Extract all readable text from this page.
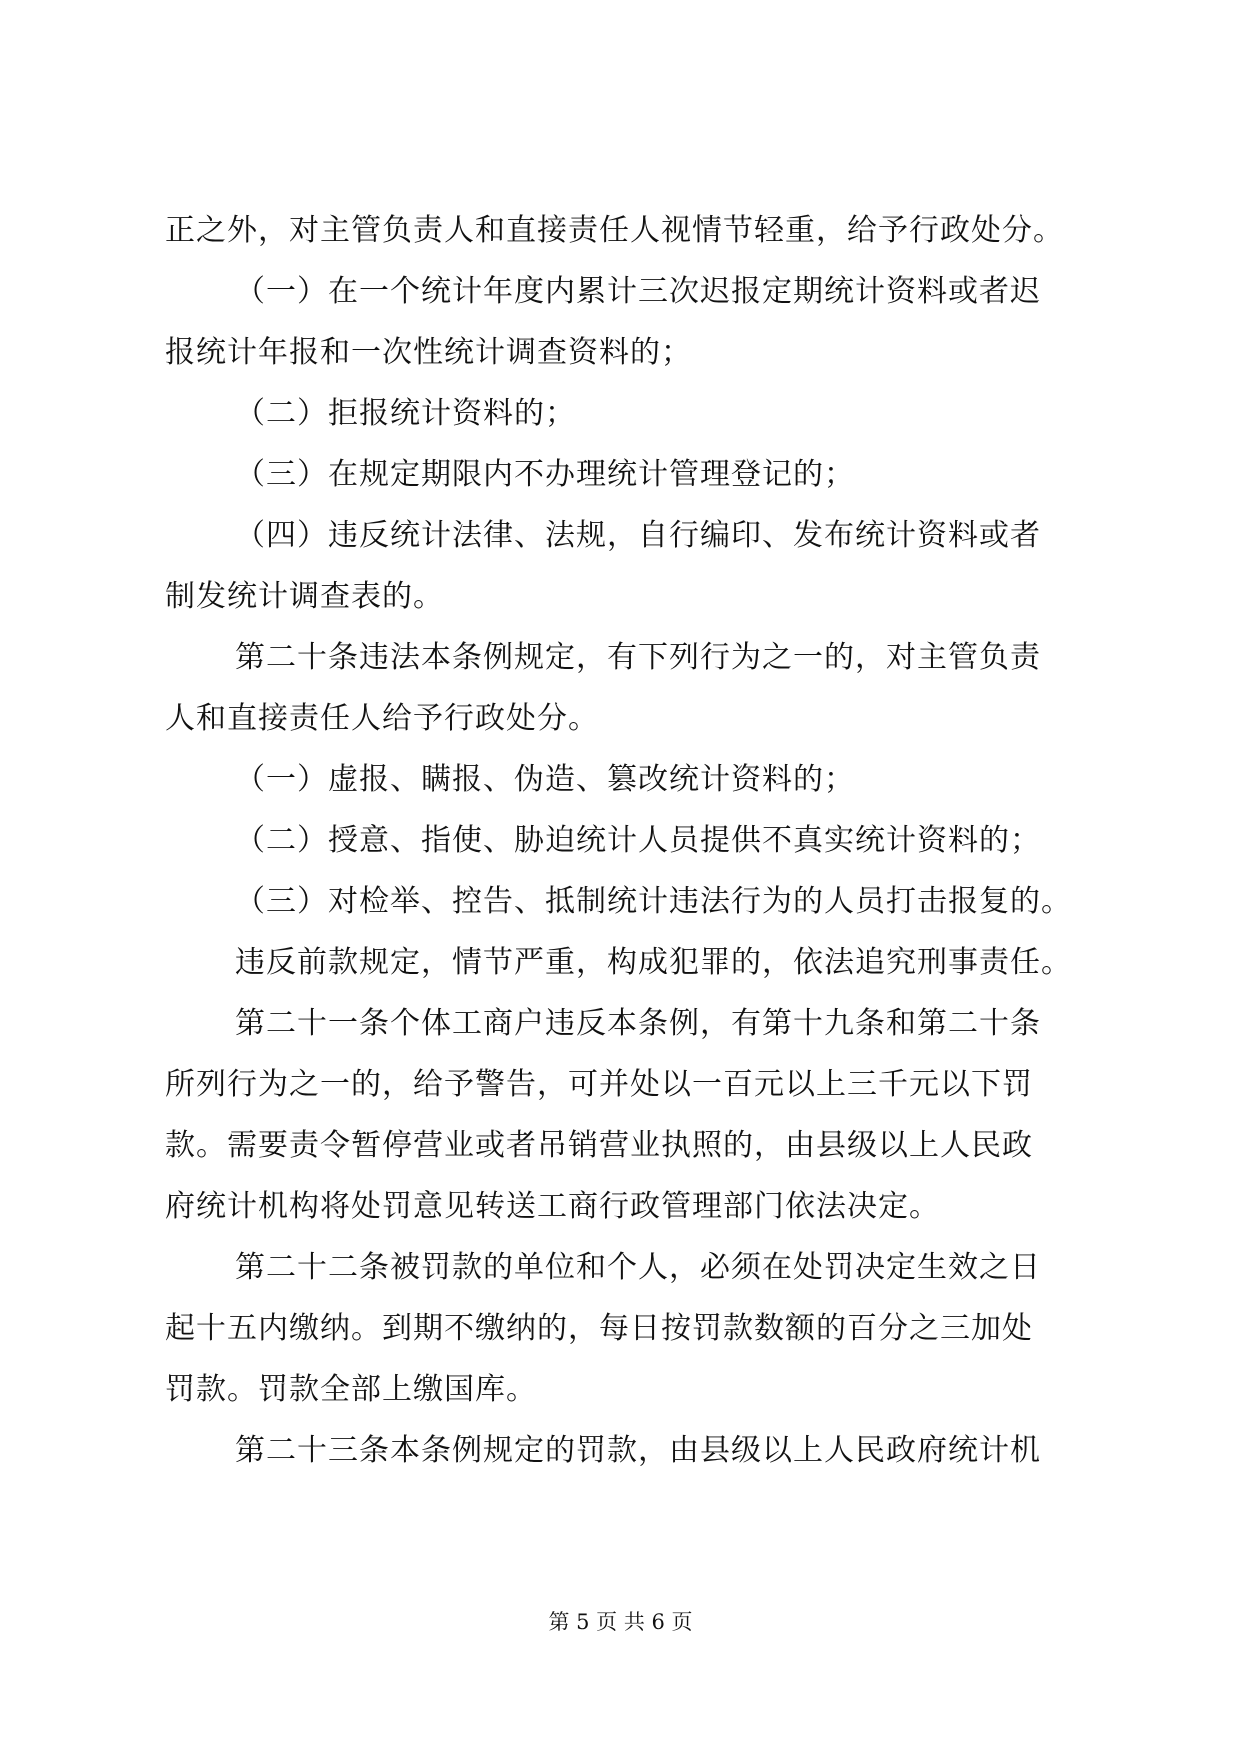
正之外，对主管负责人和直接责任人视情节轻重，给予行政处分。
（一）在一个统计年度内累计三次迟报定期统计资料或者迟
报统计年报和一次性统计调查资料的；
（二）拒报统计资料的；
（三）在规定期限内不办理统计管理登记的；
（四）违反统计法律、法规，自行编印、发布统计资料或者
制发统计调查表的。
第二十条违法本条例规定，有下列行为之一的，对主管负责
人和直接责任人给予行政处分。
（一）虚报、瞒报、伪造、篡改统计资料的；
（二）授意、指使、胁迫统计人员提供不真实统计资料的；
（三）对检举、控告、抵制统计违法行为的人员打击报复的。
违反前款规定，情节严重，构成犯罪的，依法追究刑事责任。
第二十一条个体工商户违反本条例，有第十九条和第二十条
所列行为之一的，给予警告，可并处以一百元以上三千元以下罚
款。需要责令暂停营业或者吊销营业执照的，由县级以上人民政
府统计机构将处罚意见转送工商行政管理部门依法决定。
第二十二条被罚款的单位和个人，必须在处罚决定生效之日
起十五内缴纳。到期不缴纳的，每日按罚款数额的百分之三加处
罚款。罚款全部上缴国库。
第二十三条本条例规定的罚款，由县级以上人民政府统计机
第 5 页 共 6 页
